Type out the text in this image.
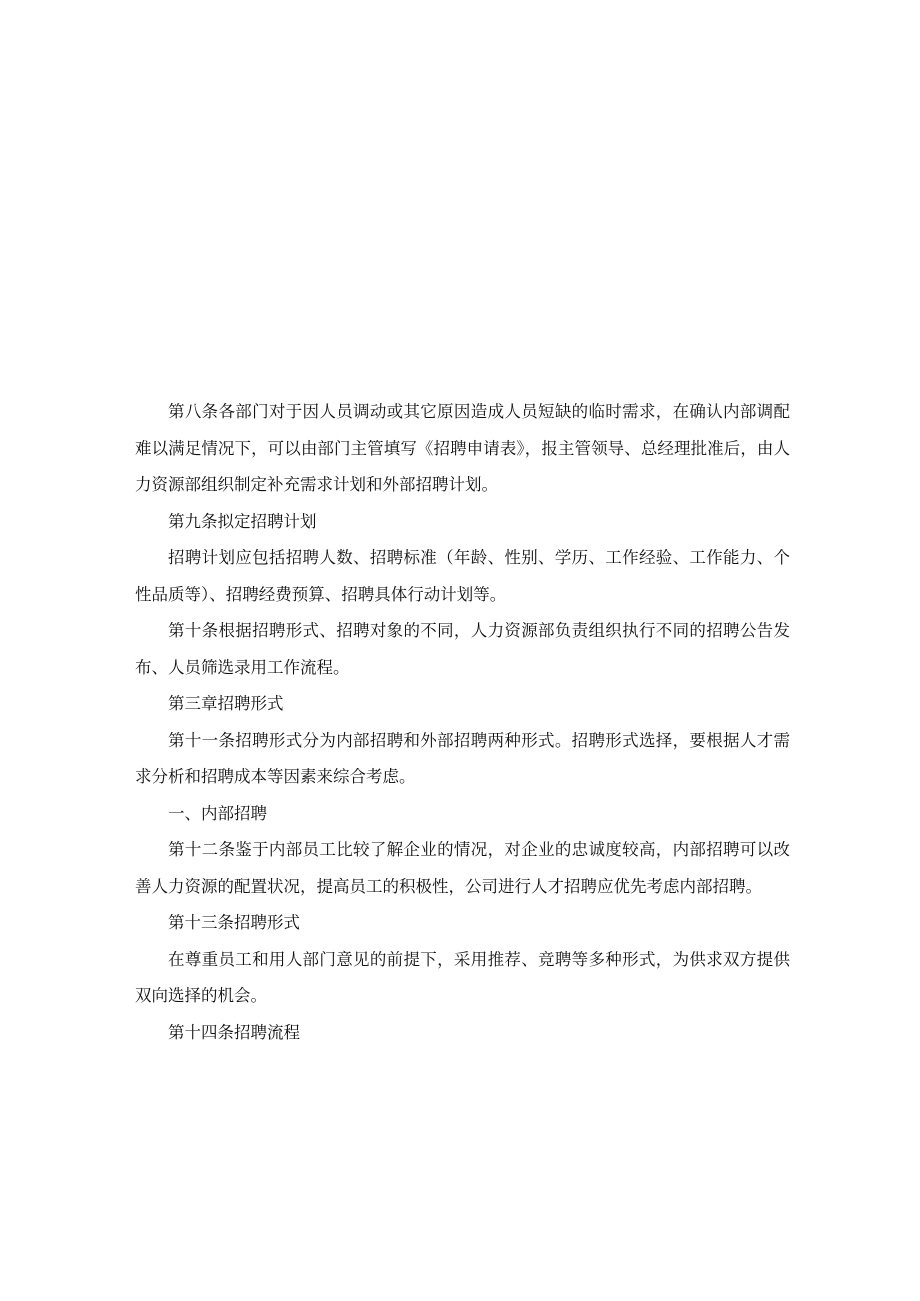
第八条各部门对于因人员调动或其它原因造成人员短缺的临时需求，在确认内部调配难以满足情况下，可以由部门主管填写《招聘申请表》，报主管领导、总经理批准后，由人力资源部组织制定补充需求计划和外部招聘计划。

第九条拟定招聘计划

招聘计划应包括招聘人数、招聘标准（年龄、性别、学历、工作经验、工作能力、个性品质等）、招聘经费预算、招聘具体行动计划等。

第十条根据招聘形式、招聘对象的不同，人力资源部负责组织执行不同的招聘公告发布、人员筛选录用工作流程。

第三章招聘形式

第十一条招聘形式分为内部招聘和外部招聘两种形式。招聘形式选择，要根据人才需求分析和招聘成本等因素来综合考虑。

一、内部招聘

第十二条鉴于内部员工比较了解企业的情况，对企业的忠诚度较高，内部招聘可以改善人力资源的配置状况，提高员工的积极性，公司进行人才招聘应优先考虑内部招聘。

第十三条招聘形式

在尊重员工和用人部门意见的前提下，采用推荐、竞聘等多种形式，为供求双方提供双向选择的机会。

第十四条招聘流程
